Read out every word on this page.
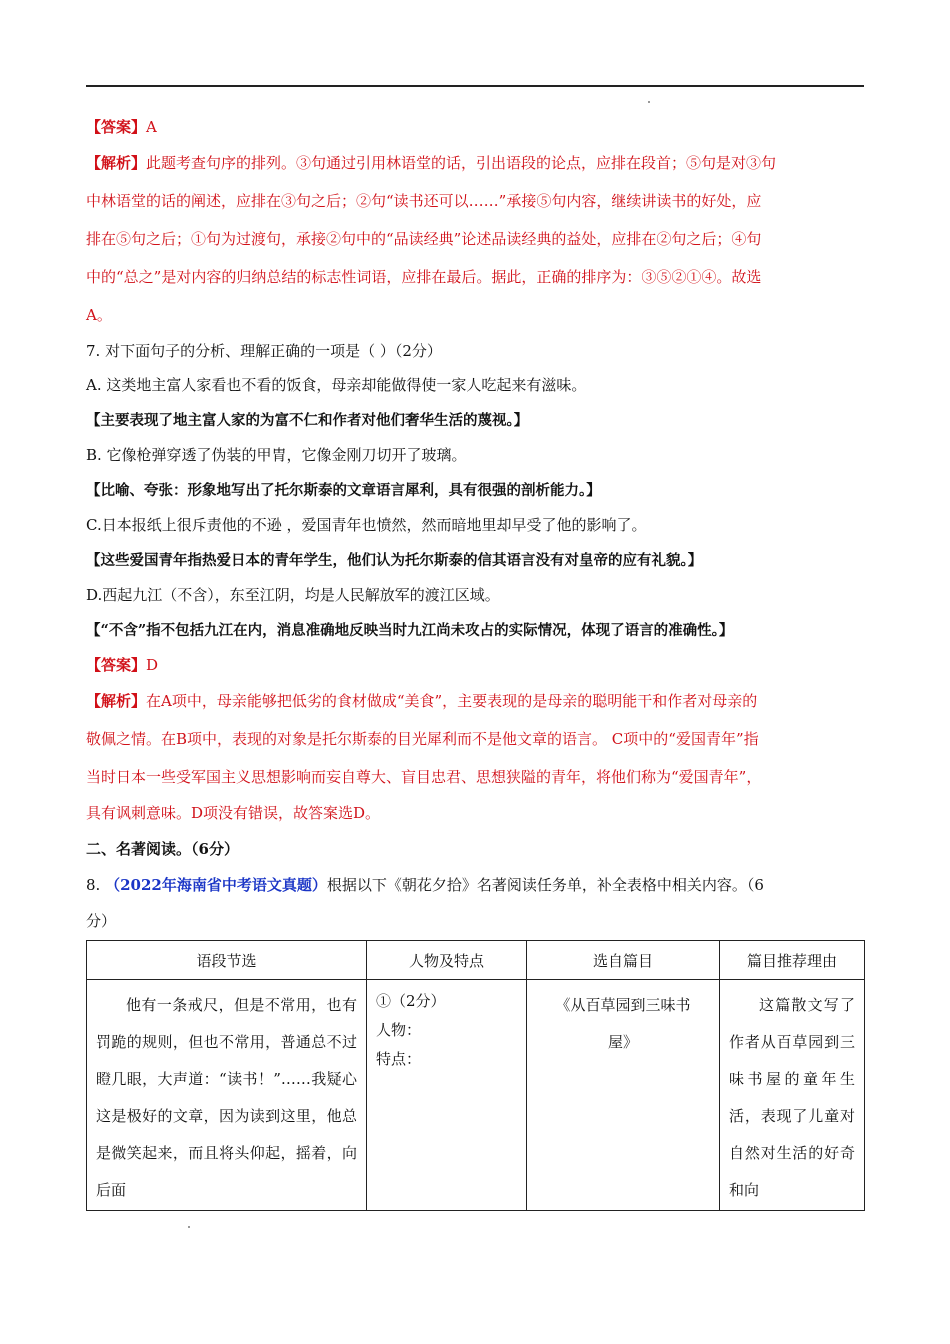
【答案】A
【解析】此题考查句序的排列。③句通过引用林语堂的话，引出语段的论点，应排在段首；⑤句是对③句
中林语堂的话的阐述，应排在③句之后；②句“读书还可以……”承接⑤句内容，继续讲读书的好处，应
排在⑤句之后；①句为过渡句，承接②句中的“品读经典”论述品读经典的益处，应排在②句之后；④句
中的“总之”是对内容的归纳总结的标志性词语，应排在最后。据此，正确的排序为：③⑤②①④。故选
A。
7. 对下面句子的分析、理解正确的一项是（ ）（2分）
A. 这类地主富人家看也不看的饭食，母亲却能做得使一家人吃起来有滋味。
【主要表现了地主富人家的为富不仁和作者对他们奢华生活的蔑视。】
B. 它像枪弹穿透了伪装的甲胄，它像金刚刀切开了玻璃。
【比喻、夸张：形象地写出了托尔斯泰的文章语言犀利，具有很强的剖析能力。】
C.日本报纸上很斥责他的不逊 ，爱国青年也愤然，然而暗地里却早受了他的影响了。
【这些爱国青年指热爱日本的青年学生，他们认为托尔斯泰的信其语言没有对皇帝的应有礼貌。】
D.西起九江（不含），东至江阴，均是人民解放军的渡江区域。
【“不含”指不包括九江在内，消息准确地反映当时九江尚未攻占的实际情况，体现了语言的准确性。】
【答案】D
【解析】在A项中，母亲能够把低劣的食材做成“美食”，主要表现的是母亲的聪明能干和作者对母亲的
敬佩之情。在B项中，表现的对象是托尔斯泰的目光犀利而不是他文章的语言。 C项中的“爱国青年”指
当时日本一些受军国主义思想影响而妄自尊大、盲目忠君、思想狭隘的青年，将他们称为“爱国青年”，
具有讽刺意味。D项没有错误，故答案选D。
二、名著阅读。（6分）
8. （2022年海南省中考语文真题）根据以下《朝花夕拾》名著阅读任务单，补全表格中相关内容。（6
分）
语段节选	人物及特点	选自篇目	篇目推荐理由

他有一条戒尺，但是不常用，也有罚跪的规则，但也不常用，普通总不过瞪几眼，大声道：“读书！”……我疑心这是极好的文章，因为读到这里，他总是微笑起来，而且将头仰起，摇着，向后面	①（2分）
人物：
特点：	《从百草园到三味书屋》	这篇散文写了作者从百草园到三味书屋的童年生活，表现了儿童对自然对生活的好奇和向
